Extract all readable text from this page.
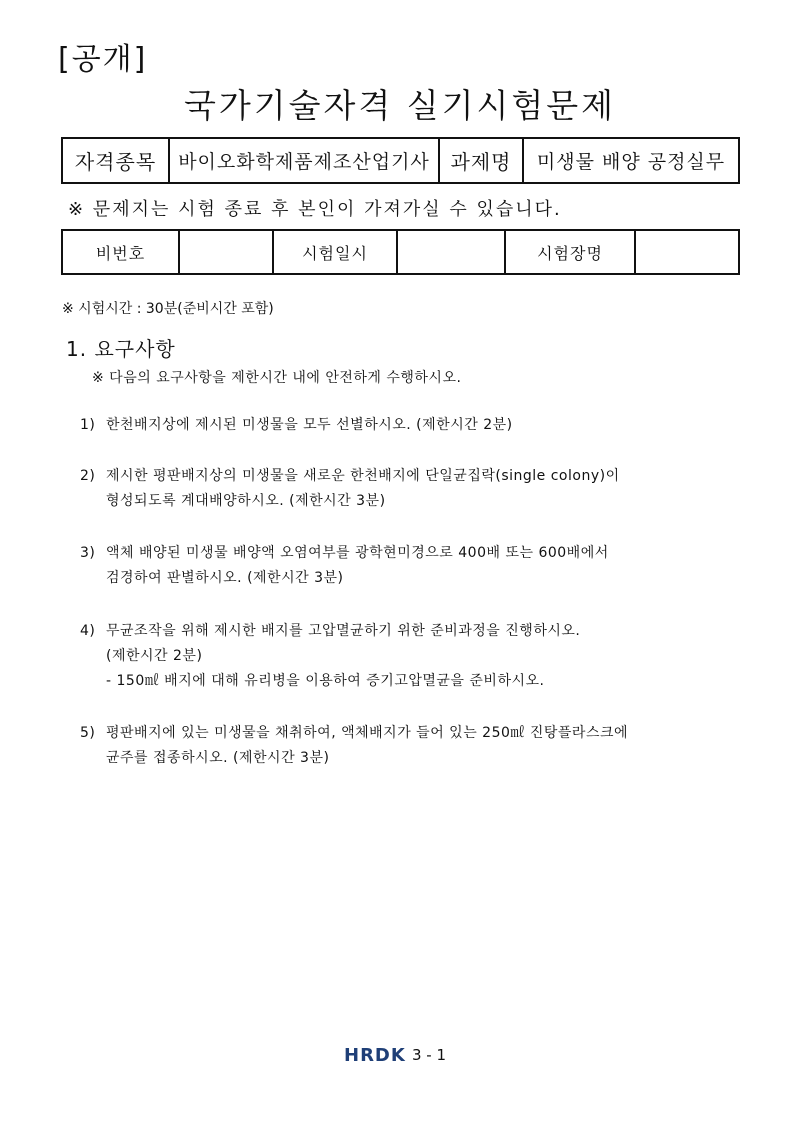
[공개]
국가기술자격 실기시험문제
자격종목	바이오화학제품제조산업기사	과제명	미생물 배양 공정실무
※ 문제지는 시험 종료 후 본인이 가져가실 수 있습니다.
비번호		시험일시		시험장명	
※ 시험시간 : 30분(준비시간 포함)
1. 요구사항
※ 다음의 요구사항을 제한시간 내에 안전하게 수행하시오.
1) 한천배지상에 제시된 미생물을 모두 선별하시오. (제한시간 2분)
2) 제시한 평판배지상의 미생물을 새로운 한천배지에 단일균집락(single colony)이
형성되도록 계대배양하시오. (제한시간 3분)
3) 액체 배양된 미생물 배양액 오염여부를 광학현미경으로 400배 또는 600배에서
검경하여 판별하시오. (제한시간 3분)
4) 무균조작을 위해 제시한 배지를 고압멸균하기 위한 준비과정을 진행하시오.
(제한시간 2분)
- 150㎖ 배지에 대해 유리병을 이용하여 증기고압멸균을 준비하시오.
5) 평판배지에 있는 미생물을 채취하여, 액체배지가 들어 있는 250㎖ 진탕플라스크에
균주를 접종하시오. (제한시간 3분)
HRDK 3 - 1
